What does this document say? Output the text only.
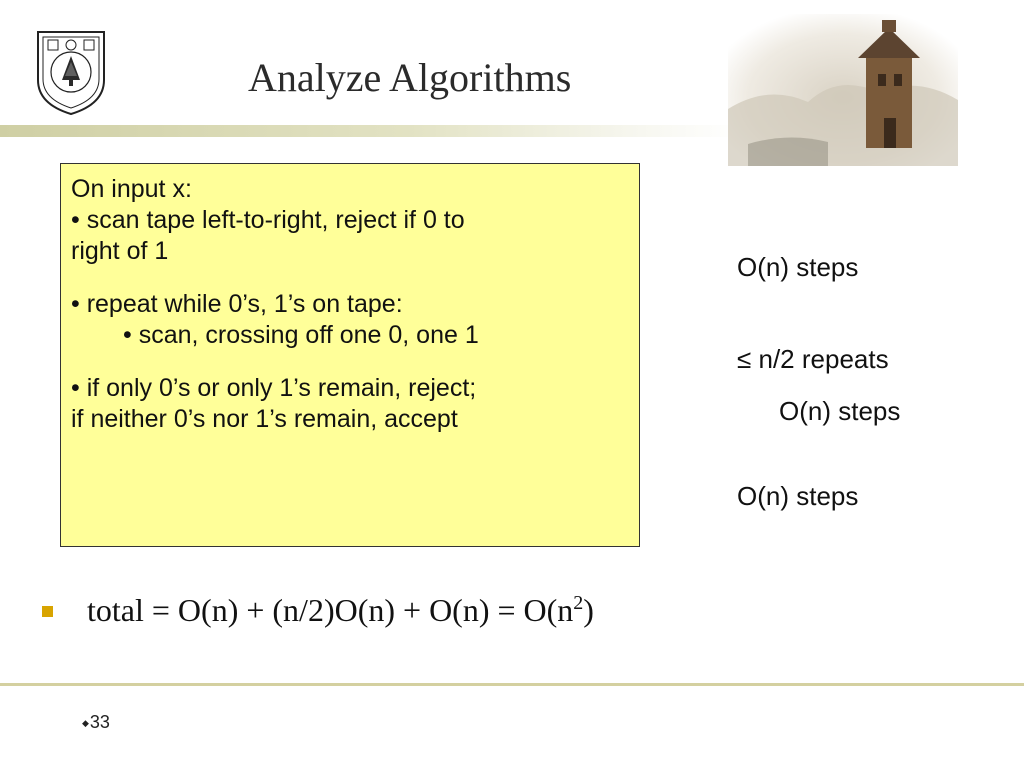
Analyze Algorithms
On input x:
• scan tape left-to-right, reject if 0 to
right of 1
• repeat while 0’s, 1’s on tape:
• scan, crossing off one 0, one 1
• if only 0’s or only 1’s remain, reject;
if neither 0’s nor 1’s remain, accept
O(n) steps
≤ n/2 repeats
O(n) steps
O(n) steps
total = $O(n) + (n/2)O(n) + O(n) = O(n^2)$
◆33
